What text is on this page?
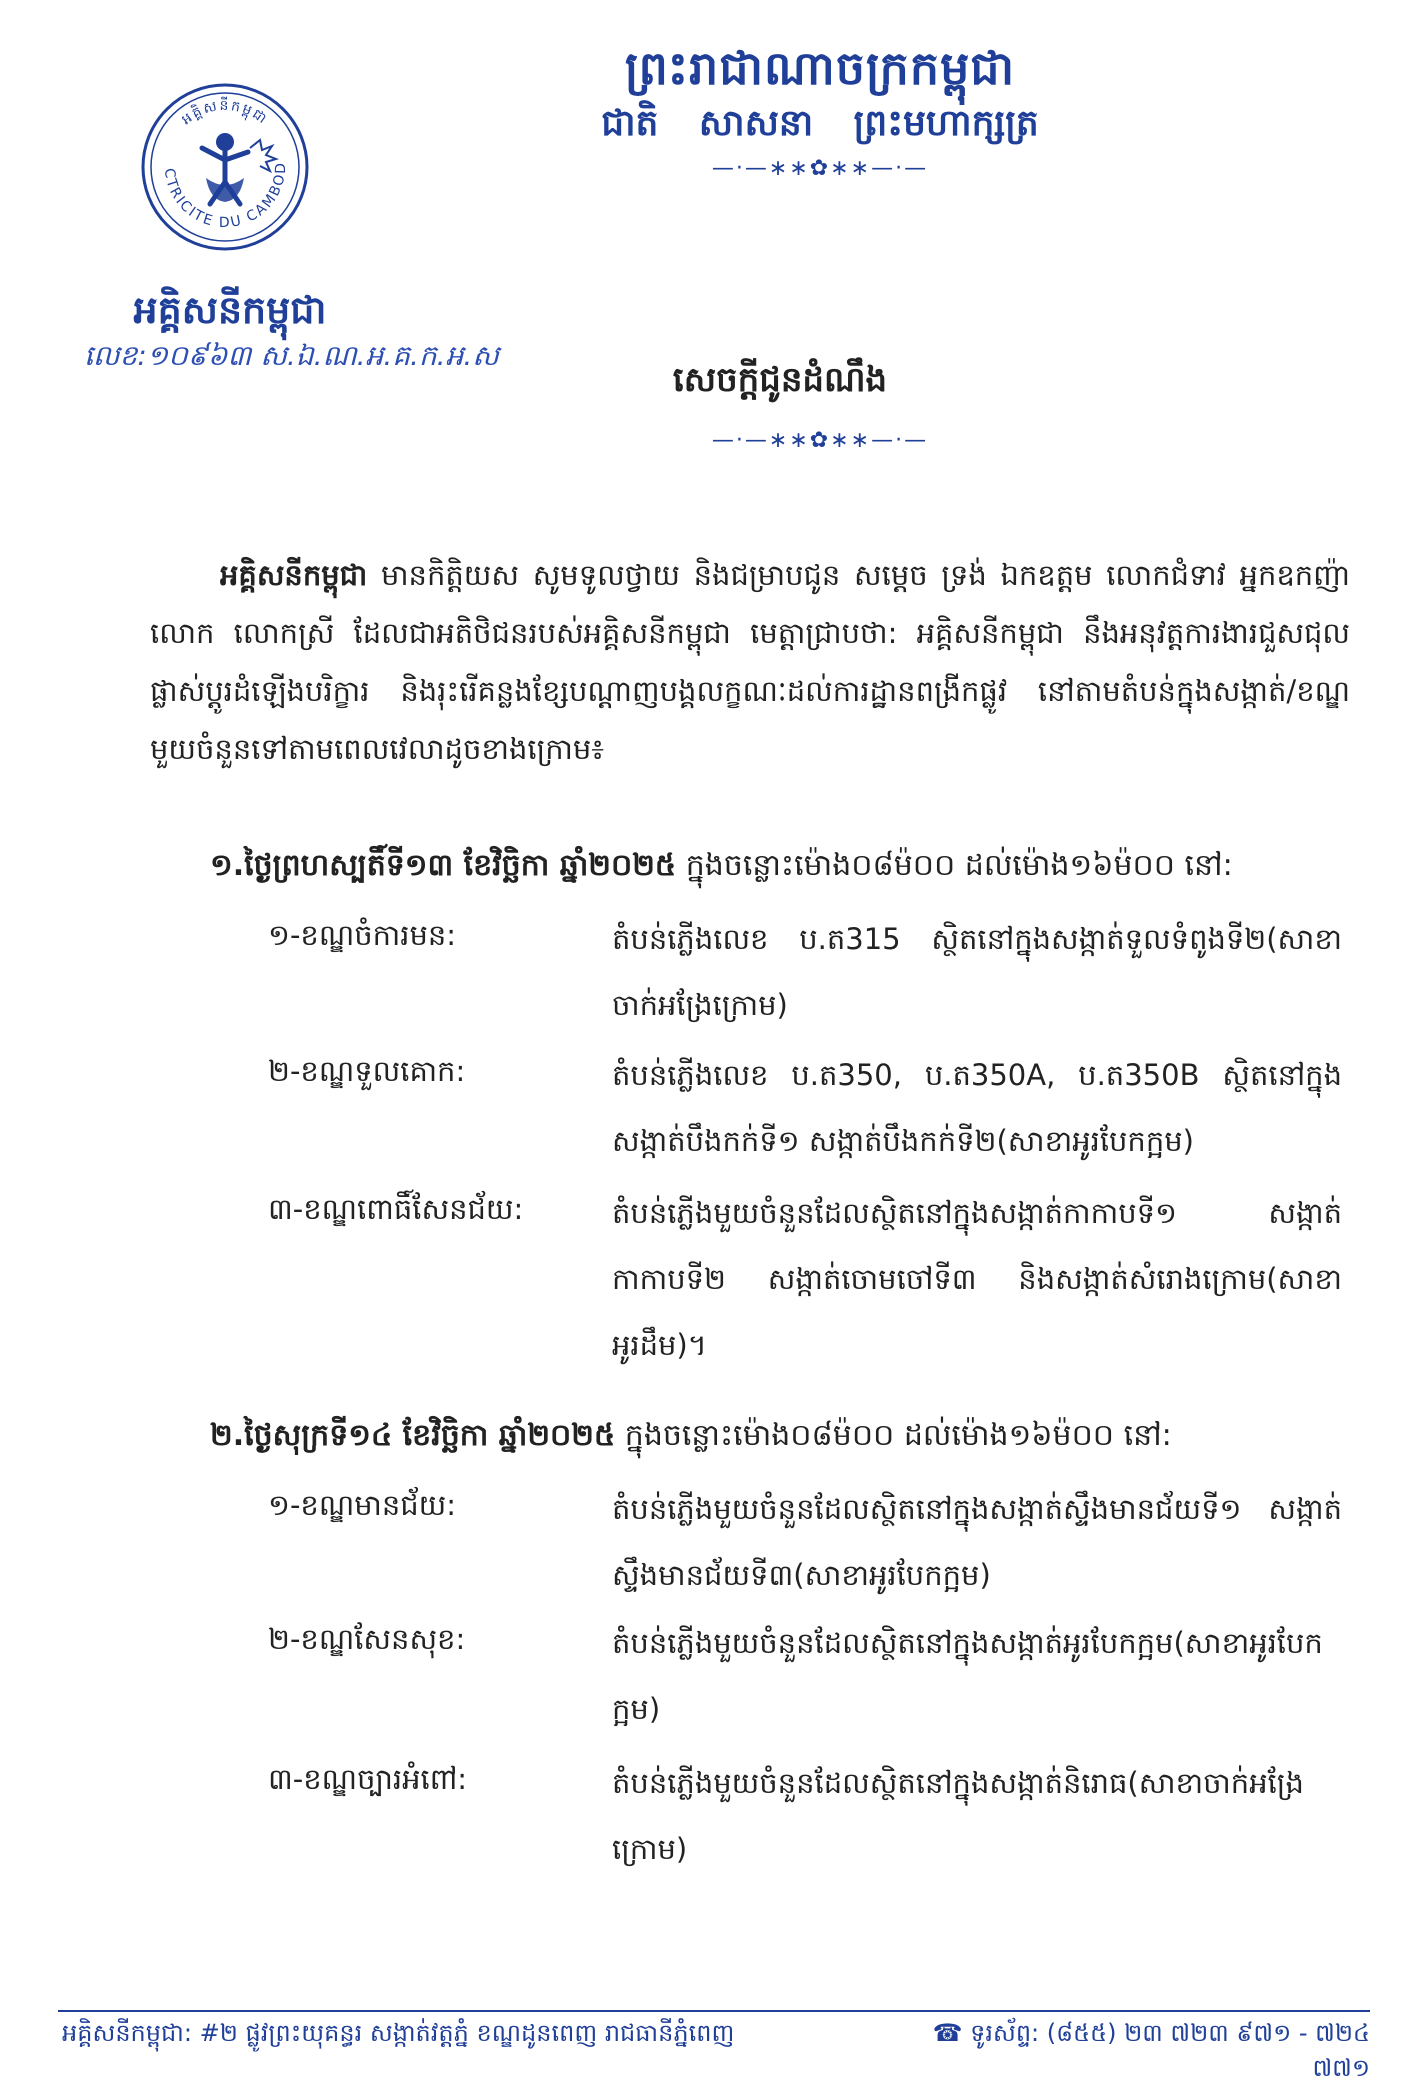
ព្រះរាជាណាចក្រកម្ពុជា
ជាតិ សាសនា ព្រះមហាក្សត្រ
—·—∗∗✿∗∗—·—
CTRICITE DU CAMBOD
អគ្គិសនីកម្ពុជា
អគ្គិសនីកម្ពុជា
លេខ:១០៩៦៣ ស.ឯ.ណ.អ.គ.ក.អ.ស
សេចក្តីជូនដំណឹង
—·—∗∗✿∗∗—·—
អគ្គិសនីកម្ពុជា មានកិត្តិយស សូមទូលថ្វាយ និងជម្រាបជូន សម្តេច ទ្រង់ ឯកឧត្តម លោកជំទាវ អ្នកឧកញ៉ា លោក លោកស្រី ដែលជាអតិថិជនរបស់អគ្គិសនីកម្ពុជា មេត្តាជ្រាបថា: អគ្គិសនីកម្ពុជា នឹងអនុវត្តការងារជួសជុល ផ្លាស់ប្តូរដំឡើងបរិក្ខារ និងរុះរើគន្លងខ្សែបណ្តាញបង្គលក្ខណៈដល់ការដ្ឋានពង្រីកផ្លូវ នៅតាមតំបន់ក្នុងសង្កាត់/ខណ្ឌមួយចំនួនទៅតាមពេលវេលាដូចខាងក្រោម៖
១.ថ្ងៃព្រហស្បតិ៍ទី១៣ ខែវិច្ឆិកា ឆ្នាំ២០២៥ ក្នុងចន្លោះម៉ោង០៨ម៉០០ ដល់ម៉ោង១៦ម៉០០ នៅ:
១-ខណ្ឌចំការមន:	តំបន់ភ្លើងលេខ ប.ត315 ស្ថិតនៅក្នុងសង្កាត់ទួលទំពូងទី២(សាខាចាក់អង្រែក្រោម)
២-ខណ្ឌទួលគោក:	តំបន់ភ្លើងលេខ ប.ត350, ប.ត350A, ប.ត350B ស្ថិតនៅក្នុងសង្កាត់បឹងកក់ទី១ សង្កាត់បឹងកក់ទី២(សាខាអូរបែកក្អម)
៣-ខណ្ឌពោធិ៍សែនជ័យ:	តំបន់ភ្លើងមួយចំនួនដែលស្ថិតនៅក្នុងសង្កាត់កាកាបទី១ សង្កាត់កាកាបទី២ សង្កាត់ចោមចៅទី៣ និងសង្កាត់សំរោងក្រោម(សាខាអូរដឹម)។
២.ថ្ងៃសុក្រទី១៤ ខែវិច្ឆិកា ឆ្នាំ២០២៥ ក្នុងចន្លោះម៉ោង០៨ម៉០០ ដល់ម៉ោង១៦ម៉០០ នៅ:
១-ខណ្ឌមានជ័យ:	តំបន់ភ្លើងមួយចំនួនដែលស្ថិតនៅក្នុងសង្កាត់ស្ទឹងមានជ័យទី១ សង្កាត់ស្ទឹងមានជ័យទី៣(សាខាអូរបែកក្អម)
២-ខណ្ឌសែនសុខ:	តំបន់ភ្លើងមួយចំនួនដែលស្ថិតនៅក្នុងសង្កាត់អូរបែកក្អម(សាខាអូរបែកក្អម)
៣-ខណ្ឌច្បារអំពៅ:	តំបន់ភ្លើងមួយចំនួនដែលស្ថិតនៅក្នុងសង្កាត់និរោធ(សាខាចាក់អង្រែក្រោម)
អគ្គិសនីកម្ពុជា: #២ ផ្លូវព្រះយុគន្ធរ សង្កាត់វត្តភ្នំ ខណ្ឌដូនពេញ រាជធានីភ្នំពេញ	☎ ទូរស័ព្ទ: (៨៥៥) ២៣ ៧២៣ ៩៧១ - ៧២៤ ៧៧១
